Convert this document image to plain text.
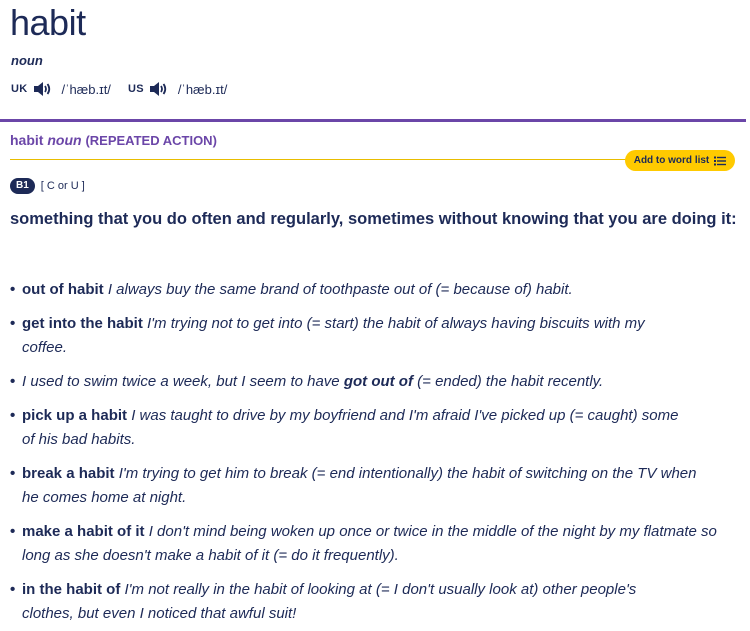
habit
noun
UK	/ˈhæb.ɪt/ US	/ˈhæb.ɪt/
habit noun (REPEATED ACTION)
Add to word list
B1	[ C or U ]
something that you do often and regularly, sometimes without knowing that you are doing it:
• out of habit I always buy the same brand of toothpaste out of (= because of) habit.
• get into the habit I'm trying not to get into (= start) the habit of always having biscuits with my coffee.
• I used to swim twice a week, but I seem to have got out of (= ended) the habit recently.
• pick up a habit I was taught to drive by my boyfriend and I'm afraid I've picked up (= caught) some of his bad habits.
• break a habit I'm trying to get him to break (= end intentionally) the habit of switching on the TV when he comes home at night.
• make a habit of it I don't mind being woken up once or twice in the middle of the night by my flatmate so long as she doesn't make a habit of it (= do it frequently).
• in the habit of I'm not really in the habit of looking at (= I don't usually look at) other people's clothes, but even I noticed that awful suit!
